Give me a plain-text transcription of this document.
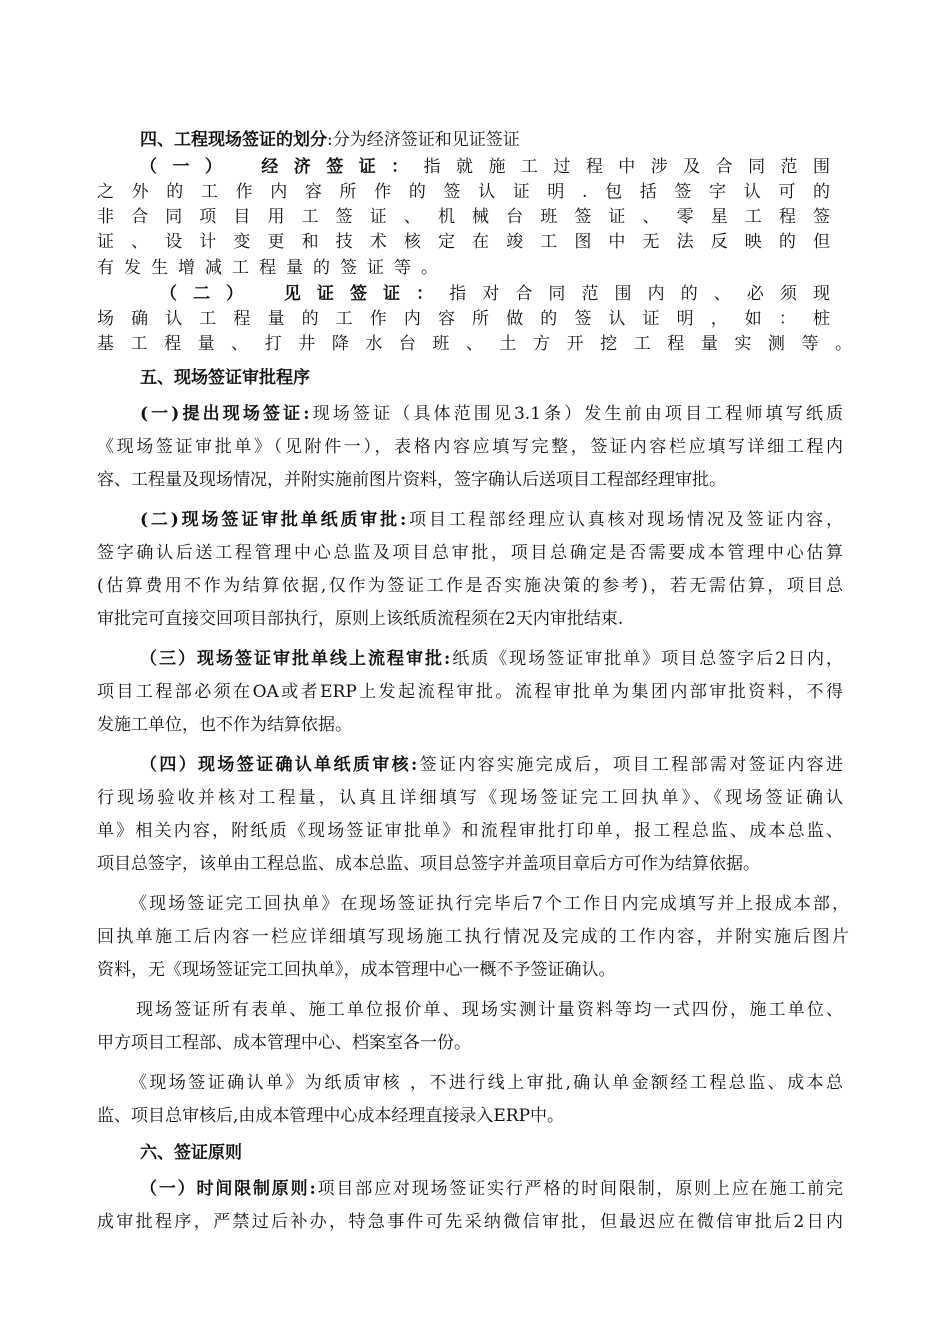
四、工程现场签证的划分:分为经济签证和见证签证
（一）　经济签证：指就施工过程中涉及合同范围
之外的工作内容所作的签认证明.包括签字认可的
非合同项目用工签证、机械台班签证、零星工程签
证、设计变更和技术核定在竣工图中无法反映的但
有发生增减工程量的签证等。
（二）　见证签证：指对合同范围内的、必须现
场确认工程量的工作内容所做的签认证明，如：桩
基工程量、打井降水台班、土方开挖工程量实测等。
五、现场签证审批程序
(一)提出现场签证:现场签证（具体范围见3.1条）发生前由项目工程师填写纸质
《现场签证审批单》（见附件一），表格内容应填写完整，签证内容栏应填写详细工程内
容、工程量及现场情况，并附实施前图片资料，签字确认后送项目工程部经理审批。
(二)现场签证审批单纸质审批:项目工程部经理应认真核对现场情况及签证内容，
签字确认后送工程管理中心总监及项目总审批，项目总确定是否需要成本管理中心估算
(估算费用不作为结算依据,仅作为签证工作是否实施决策的参考)，若无需估算，项目总
审批完可直接交回项目部执行，原则上该纸质流程须在2天内审批结束.
（三）现场签证审批单线上流程审批:纸质《现场签证审批单》项目总签字后2日内，
项目工程部必须在OA或者ERP上发起流程审批。流程审批单为集团内部审批资料，不得
发施工单位，也不作为结算依据。
（四）现场签证确认单纸质审核:签证内容实施完成后，项目工程部需对签证内容进
行现场验收并核对工程量，认真且详细填写《现场签证完工回执单》、《现场签证确认
单》相关内容，附纸质《现场签证审批单》和流程审批打印单，报工程总监、成本总监、
项目总签字，该单由工程总监、成本总监、项目总签字并盖项目章后方可作为结算依据。
《现场签证完工回执单》在现场签证执行完毕后7个工作日内完成填写并上报成本部，
回执单施工后内容一栏应详细填写现场施工执行情况及完成的工作内容，并附实施后图片
资料，无《现场签证完工回执单》，成本管理中心一概不予签证确认。
现场签证所有表单、施工单位报价单、现场实测计量资料等均一式四份，施工单位、
甲方项目工程部、成本管理中心、档案室各一份。
《现场签证确认单》为纸质审核 ，不进行线上审批,确认单金额经工程总监、成本总
监、项目总审核后,由成本管理中心成本经理直接录入ERP中。
六、签证原则
（一）时间限制原则:项目部应对现场签证实行严格的时间限制，原则上应在施工前完
成审批程序，严禁过后补办，特急事件可先采纳微信审批，但最迟应在微信审批后2日内
